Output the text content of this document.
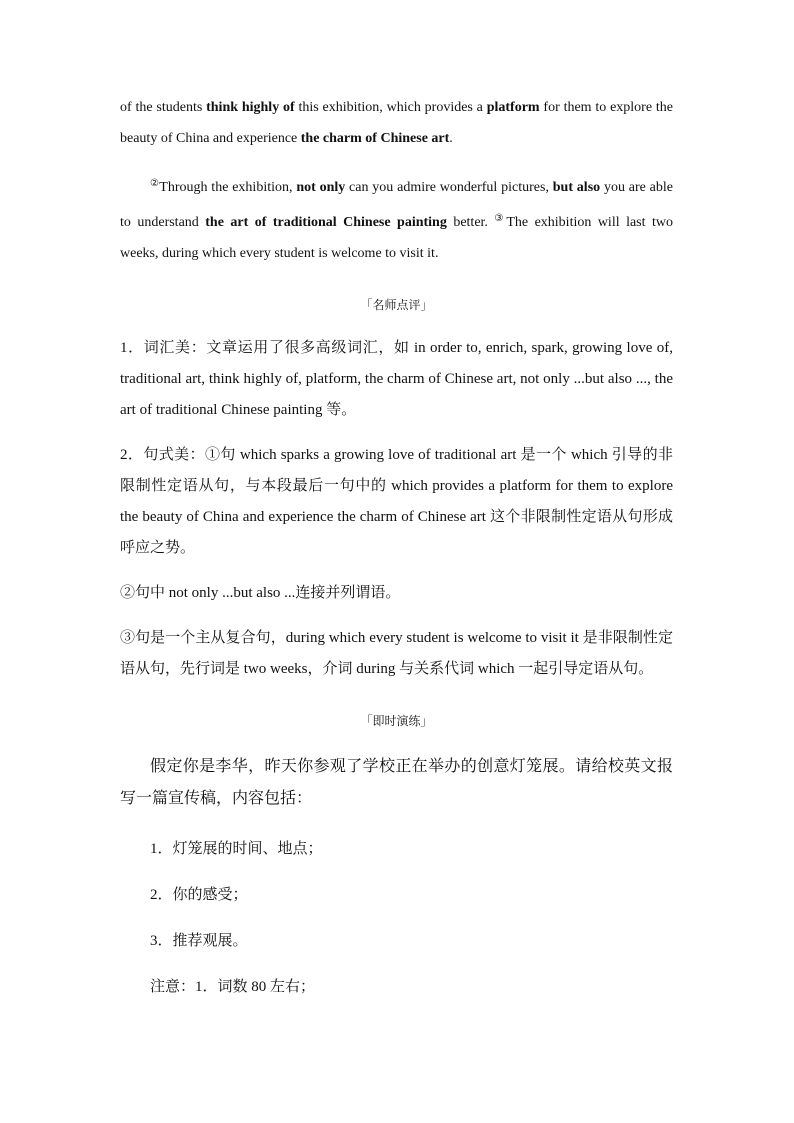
of the students think highly of this exhibition, which provides a platform for them to explore the beauty of China and experience the charm of Chinese art.

②Through the exhibition, not only can you admire wonderful pictures, but also you are able to understand the art of traditional Chinese painting better. ③The exhibition will last two weeks, during which every student is welcome to visit it.

「名师点评」

1．词汇美：文章运用了很多高级词汇，如 in order to, enrich, spark, growing love of, traditional art, think highly of, platform, the charm of Chinese art, not only ...but also ..., the art of traditional Chinese painting 等。

2．句式美：①句 which sparks a growing love of traditional art 是一个 which 引导的非限制性定语从句，与本段最后一句中的 which provides a platform for them to explore the beauty of China and experience the charm of Chinese art 这个非限制性定语从句形成呼应之势。

②句中 not only ...but also ...连接并列谓语。

③句是一个主从复合句，during which every student is welcome to visit it 是非限制性定语从句，先行词是 two weeks，介词 during 与关系代词 which 一起引导定语从句。

「即时演练」

假定你是李华，昨天你参观了学校正在举办的创意灯笼展。请给校英文报写一篇宣传稿，内容包括：

1．灯笼展的时间、地点；

2．你的感受；

3．推荐观展。

注意：1．词数 80 左右；
